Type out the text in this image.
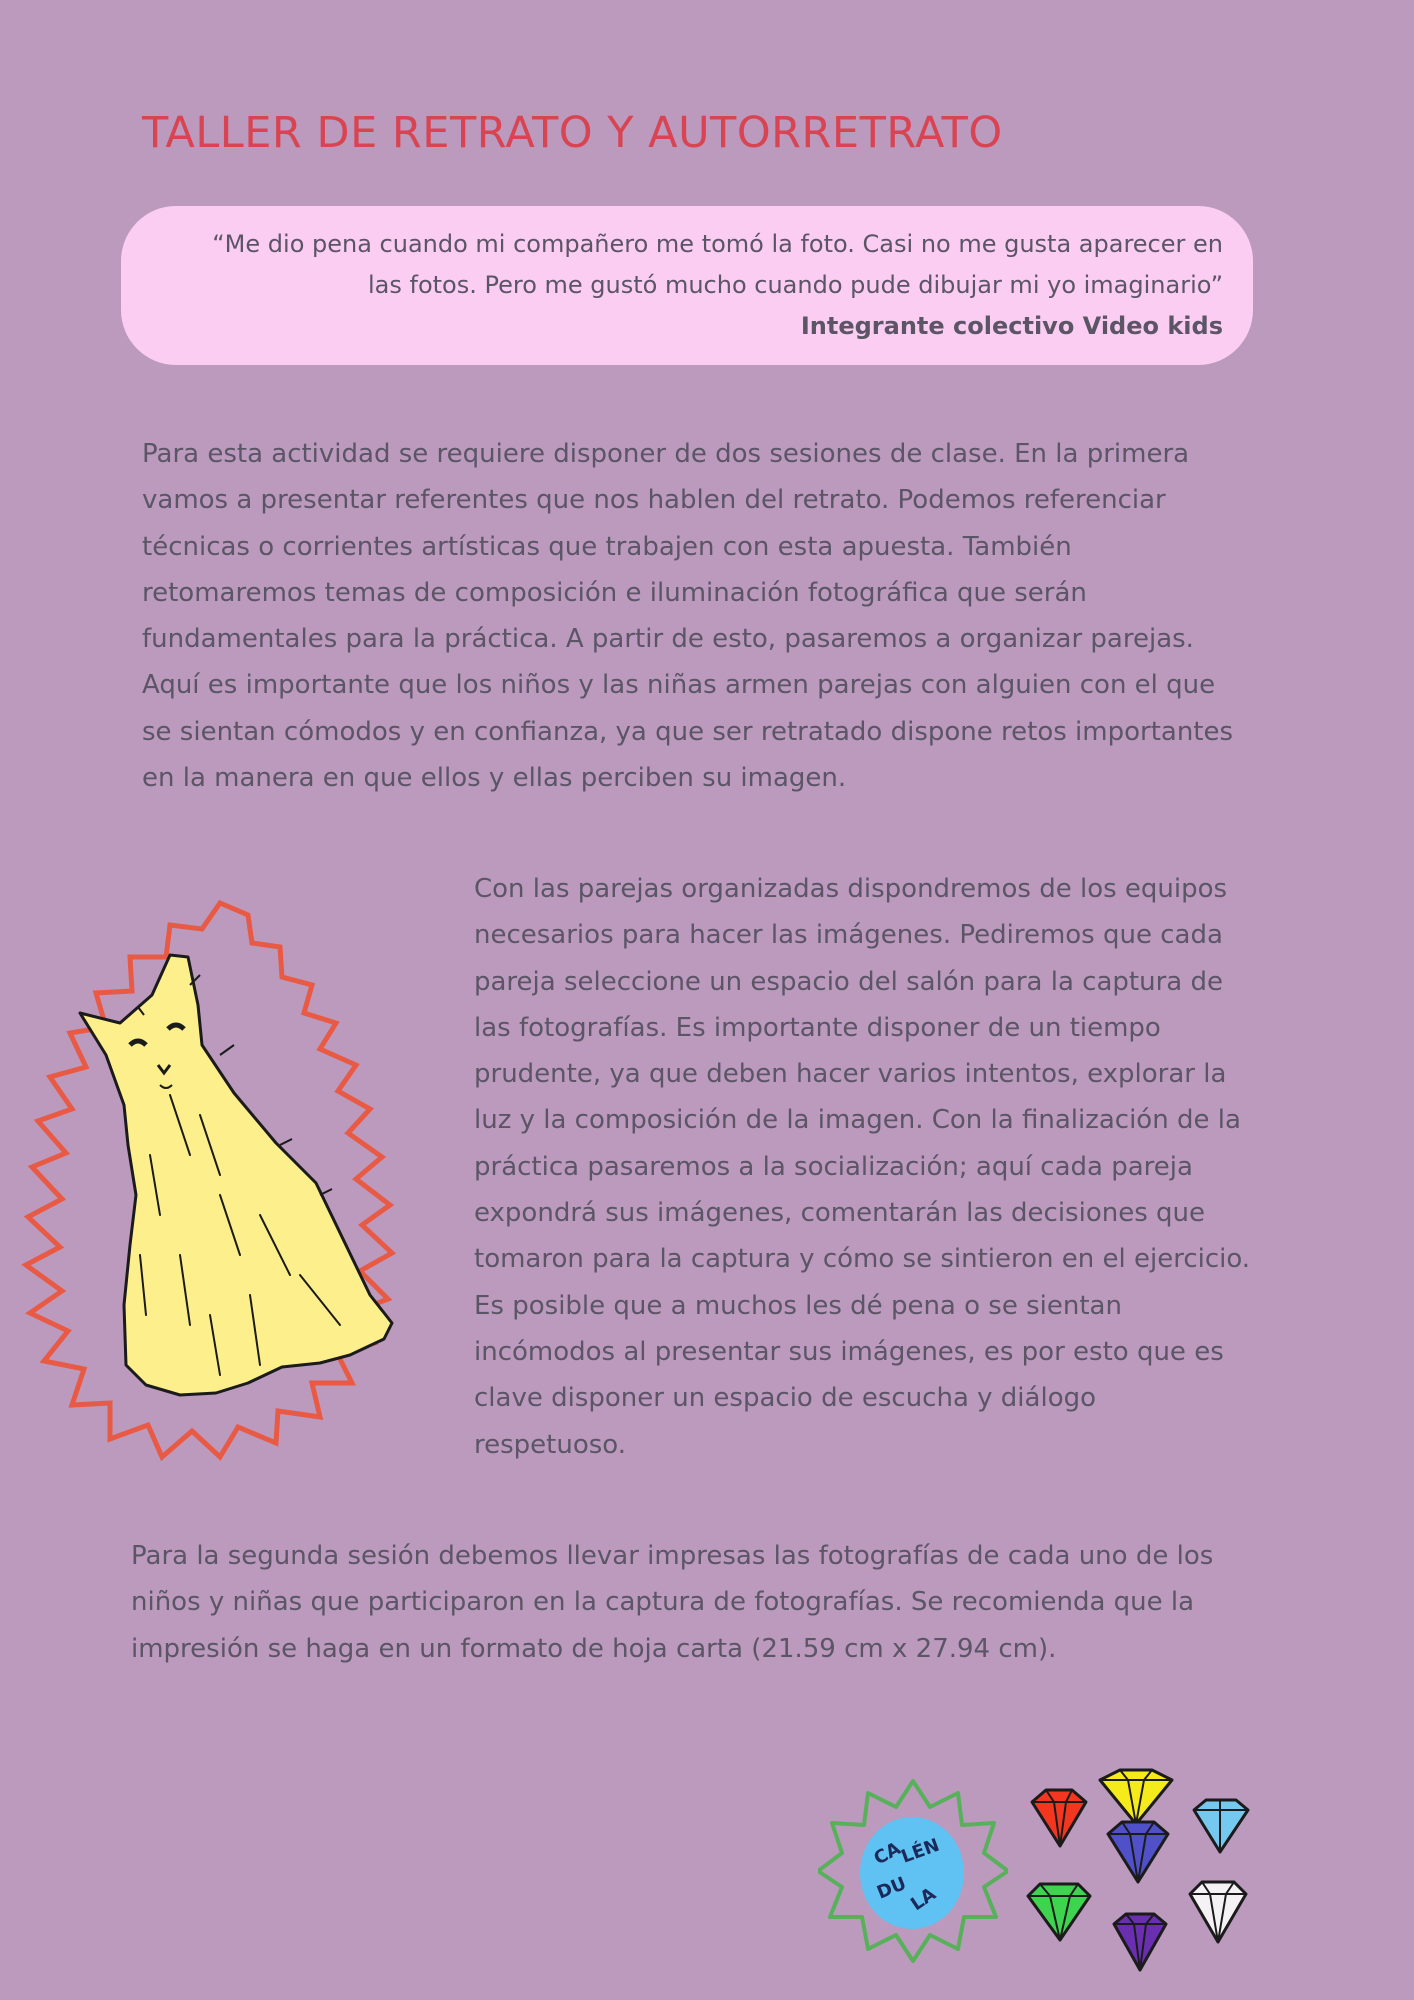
TALLER DE RETRATO Y AUTORRETRATO

“Me dio pena cuando mi compañero me tomó la foto. Casi no me gusta aparecer en las fotos. Pero me gustó mucho cuando pude dibujar mi yo imaginario”

Integrante colectivo Video kids

Para esta actividad se requiere disponer de dos sesiones de clase. En la primera vamos a presentar referentes que nos hablen del retrato. Podemos referenciar técnicas o corrientes artísticas que trabajen con esta apuesta. También retomaremos temas de composición e iluminación fotográfica que serán fundamentales para la práctica. A partir de esto, pasaremos a organizar parejas. Aquí es importante que los niños y las niñas armen parejas con alguien con el que se sientan cómodos y en confianza, ya que ser retratado dispone retos importantes en la manera en que ellos y ellas perciben su imagen.

Con las parejas organizadas dispondremos de los equipos necesarios para hacer las imágenes. Pediremos que cada pareja seleccione un espacio del salón para la captura de las fotografías. Es importante disponer de un tiempo prudente, ya que deben hacer varios intentos, explorar la luz y la composición de la imagen. Con la finalización de la práctica pasaremos a la socialización; aquí cada pareja expondrá sus imágenes, comentarán las decisiones que tomaron para la captura y cómo se sintieron en el ejercicio. Es posible que a muchos les dé pena o se sientan incómodos al presentar sus imágenes, es por esto que es clave disponer un espacio de escucha y diálogo respetuoso.

Para la segunda sesión debemos llevar impresas las fotografías de cada uno de los niños y niñas que participaron en la captura de fotografías. Se recomienda que la impresión se haga en un formato de hoja carta (21.59 cm x 27.94 cm).

CA
LÉN
DU
LA
